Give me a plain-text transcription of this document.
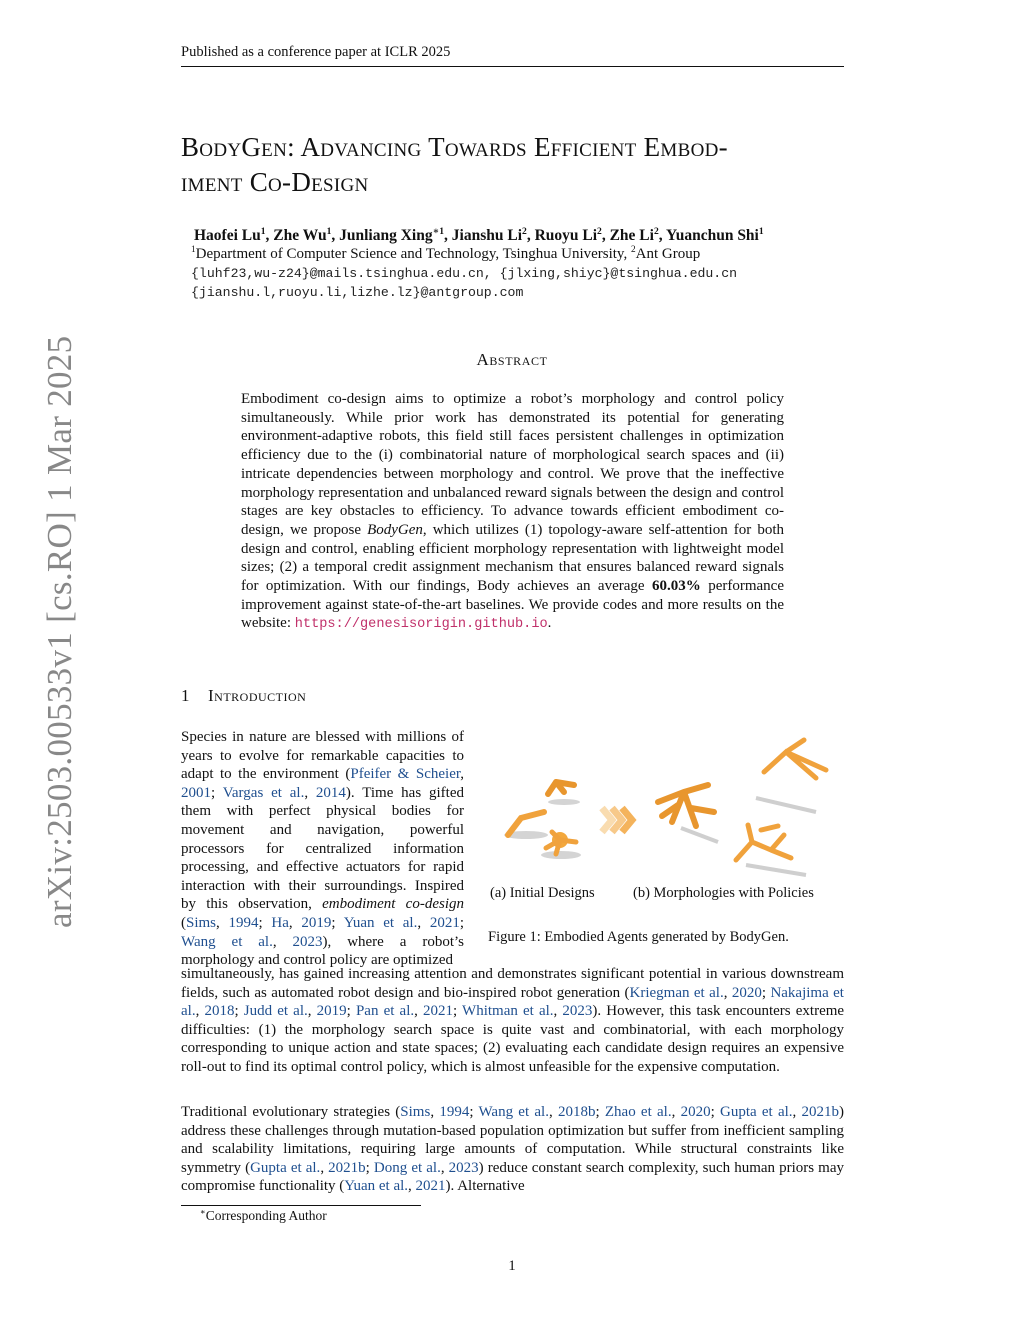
Published as a conference paper at ICLR 2025
arXiv:2503.00533v1 [cs.RO] 1 Mar 2025
BodyGen: Advancing Towards Efficient Embod-
iment Co-Design
Haofei Lu$^1$, Zhe Wu$^1$, Junliang Xing$^{∗1}$, Jianshu Li$^2$, Ruoyu Li$^2$, Zhe Li$^2$, Yuanchun Shi$^1$
$^1$Department of Computer Science and Technology, Tsinghua University, $^2$Ant Group
{luhf23,wu-z24}@mails.tsinghua.edu.cn, {jlxing,shiyc}@tsinghua.edu.cn
{jianshu.l,ruoyu.li,lizhe.lz}@antgroup.com
Abstract
Embodiment co-design aims to optimize a robot’s morphology and control policy simultaneously. While prior work has demonstrated its potential for generating environment-adaptive robots, this field still faces persistent challenges in optimization efficiency due to the (i) combinatorial nature of morphological search spaces and (ii) intricate dependencies between morphology and control. We prove that the ineffective morphology representation and unbalanced reward signals between the design and control stages are key obstacles to efficiency. To advance towards efficient embodiment co-design, we propose BodyGen, which utilizes (1) topology-aware self-attention for both design and control, enabling efficient morphology representation with lightweight model sizes; (2) a temporal credit assignment mechanism that ensures balanced reward signals for optimization. With our findings, Body achieves an average 60.03% performance improvement against state-of-the-art baselines. We provide codes and more results on the website: https://genesisorigin.github.io.
1 Introduction
Species in nature are blessed with millions of years to evolve for remarkable capacities to adapt to the environment (Pfeifer & Scheier, 2001; Vargas et al., 2014). Time has gifted them with perfect physical bodies for movement and navigation, powerful processors for centralized information processing, and effective actuators for rapid interaction with their surroundings. Inspired by this observation, embodiment co-design (Sims, 1994; Ha, 2019; Yuan et al., 2021; Wang et al., 2023), where a robot’s morphology and control policy are optimized
(a) Initial Designs	(b) Morphologies with Policies
Figure 1: Embodied Agents generated by BodyGen.
simultaneously, has gained increasing attention and demonstrates significant potential in various downstream fields, such as automated robot design and bio-inspired robot generation (Kriegman et al., 2020; Nakajima et al., 2018; Judd et al., 2019; Pan et al., 2021; Whitman et al., 2023). However, this task encounters extreme difficulties: (1) the morphology search space is quite vast and combinatorial, with each morphology corresponding to unique action and state spaces; (2) evaluating each candidate design requires an expensive roll-out to find its optimal control policy, which is almost unfeasible for the expensive computation.
Traditional evolutionary strategies (Sims, 1994; Wang et al., 2018b; Zhao et al., 2020; Gupta et al., 2021b) address these challenges through mutation-based population optimization but suffer from inefficient sampling and scalability limitations, requiring large amounts of computation. While structural constraints like symmetry (Gupta et al., 2021b; Dong et al., 2023) reduce constant search complexity, such human priors may compromise functionality (Yuan et al., 2021). Alternative
∗Corresponding Author
1
